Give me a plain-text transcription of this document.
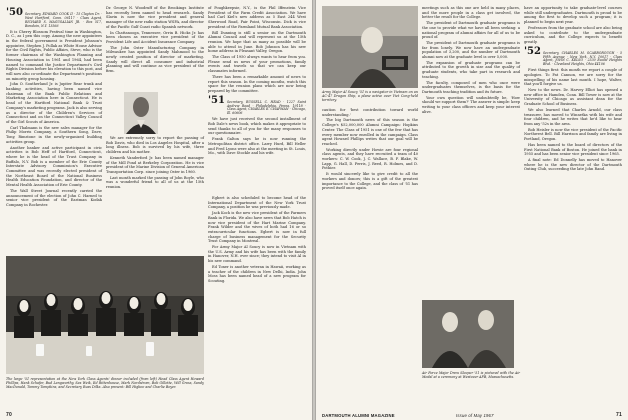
'50 Secretary, EDWARD COOK II · 15 Clayton Dr. · West Hartford, Conn. 06117 · Class Agent, RICHARD S. MAGUSALIAN JR. · Box 517, Bowdoin, N.Y. 13566

It is Cherry Blossom Festival time in Washington, D. C., as I pen this copy. Among the new appointees in the federal government is President Johnson's appointee, Stephen J. Pollak as White House Advisor for the Civil Rights, Public Affairs, Steve, who is the former chairman of the Washington Planning and Housing Association in 1961 and 1964, had been named to command the Justice Department's Civil Rights Division before his elevation to this post, and will now also co-ordinate the Department's positions on minority group housing.

John O. Southerland Jr. is Jupiter Rear trunk and banking activities, having been named vice chairman of the Bank Public Relations and Marketing Association here in Connecticut. He is head of the Hartford National Bank & Trust Company's marketing programs. Jack is also serving as a director of the Children's Services of Connecticut and on the Connecticut Valley Council of the Girl Scouts of America.

Carl Thalmann is the new sales manager for the Philip Morris Company, a Southern Song, Dave, Tony, Rimstone in the newly-organized building activities group.

Another banker and active participant in civic activities is Bob Heff of Hartford, Connecticut, where he is the head of the Trust Company in Buffalo, N.Y. Bob is a member of the Erie County Interstate Advisory Commission's Executive Committee and was recently elected president of the Northeast Board of the National Business Health Education Foundation, and director of the Mental Health Association of Erie County.

The Wall Street Journal recently carried the announcement of the election of John C. Harned to senior vice president of the Eastman Kodak Company in Rochester.

Dr. George N. Woodruff of the Brookings Institute has recently been named to head research. Sandy Slavin is now the vice president and general manager of the new radio station WSPA, and director of the Pacific Gulf Coast radio Spanish network.

In Chattanooga, Tennessee, Orrin B. Hicks Jr. has been chosen as executive vice president of the Provident Life and Accident Insurance Company.

The John Oster Manufacturing Company in Milwaukee has appointed Sandy Mahmood to the newly created position of director of marketing. Sandy will direct all consumer and industrial planning and will continue as vice president of the firm.

We are extremely sorry to report the passing of Bob Davis, who died in Los Angeles Hospital, after a long illness. Bob is survived by his wife, three children and his mother.

Kenneth Vanderford Jr. has been named manager of the Mill Pond at Berkeley Corporation. He is vice president of the Marine Division of General American Transportation Corp. since joining Oster in 1960.

Last month marked the passing of John Boyle, who was a wonderful friend to all of us at the 15th reunion.

of Poughkeepsie, N.Y., is the Phil Iffenstein Vice President of the Farm Credit Association. We have had Carl Kiel's new address as 5 East 244 West Sherwood Road, Fair Point, Wisconsin. Dick is vice president of the Farmland Mutual Bank Association.

Bill Dunning is still a senior on the Dartmouth Alumni Council and will represent us at the 15th reunion. We hope that as many as possible will be able to attend in June. Bob Johnson has his new home address in Pleasant Valley, Oregon.

The Class of 1950 always wants to hear from you. Please send us news of your promotions, family events and travels so that we can keep our classmates informed.

There has been a remarkable amount of news to report this season. In the coming months, watch this space for the reunion plans which are now being prepared by the committee.

'51 Secretary, RUSSELL C. HEAD · 1227 Saint Andrew Road · Philadelphia, Penna. 19118 · Class Agent, CHARLES E. CHAPMAN · Chicago, Ill. 60606

We have just received the second installment of Bob Dale's news book, which makes it appropriate to send thanks to all of you for the many responses to our questionnaire.

Frank Galton says he is now running the Metropolitan district office. Larry Hurd, Bill Heller and Fred Lyons were also at the meeting in St. Louis, Mo., with Dave Stockle and his wife.

Egbert is also scheduled to become head of the International Department of the New York Trust Company, a position he was previously made.

Jack Koch is the new vice president of the Farmers Bank in Florida. We also have news that Bob Hatch is now vice president of the Hart Marine Company. Frank Wilder and the wives of both had 16 or so extracurricular functions. Egbert is now in full charge of business management for the Security Trust Company in Montreal.

For Army Major Al Soucy is now in Vietnam with the U.S. Army and his wife has been with the family in Hanover, N.H. ever since; they intend to visit Al in his new command.

Ed Toner is another veteran in Hawaii, working as a teacher of the children in New Delhi, India. John Moss has been named head of a new program for Scouting.

The large '51 representation at the New York Class Agents' dinner included (from left) Head Class Agent Howard Phillips, Hank Schafer, Bud Langworthy, Sax Weik, Ed Rittenhouse, Mark Nordstrom, Bob Gillette, Will Gross, Sandy MacDonald, Tommy Tompkins, and Secretary Russ Dilks. Also present: Bill Higbee and Charlie Beyer.
70
Army Major Al Soucy '51 is a navigator in Vietnam on an AC-47 Dragon Ship, a plane active over Viet Cong-held territory.

caution for 'best contribution toward world understanding.'

The big Dartmouth news of this season is the College's $52,000,000 Alumni Campaign: Hopkins Center. The Class of 1951 is one of the few that has every member now enrolled in the campaign. Class agent Howard Phillips writes that our goal will be reached.

Working directly under Howie are four regional class agents, and they have recruited a team of 40 workers: C. W. Cook, J. C. Wallace, B. F. Blake, W. Lapp, G. Hall, D. Ferris, J. Reed, R. Holmes, and D. Pothier.

It would sincerely like to give credit to all the workers and donors; this is a gift of the greatest importance to the College, and the class of '51 has proved itself once again.

meetings such as this one are held in many places, and the more people in a class get involved, the better the result for the College.

The president of Dartmouth graduate programs is the one to provide what we have all been seeking: a national program of alumni affairs for all of us to be proud of.

The president of Dartmouth graduate programs is far from lonely. We now have an undergraduate population of 3,200, and the number of Dartmouth alumni now at the graduate level is over 5,000.

The expansion of graduate programs can be attributed to the growth in size and the quality of graduate students, who take part in research and teaching.

The faculty, composed of men who once were undergraduates themselves, is the basis for the Dartmouth teaching tradition and its future.

Your own question will undoubtedly be, 'How should we support them?' The answer is simple: keep writing to your class officers and keep your interest alive.

Air Force Major Drew Sleeper '51 is pictured with the Air Medal at a ceremony at Westover AFB, Massachusetts.

have an opportunity to take graduate-level courses while still undergraduates. Dartmouth is proud to be among the first to develop such a program; it is planned to begin next year.

Professors from the graduate school are also being asked to contribute to the undergraduate curriculum, and the College expects to benefit greatly.

'52 Secretary, CHARLES M. SCARBOROUGH · 5 Fifth Avenue · New York, N.Y. 10017 · Class Agent, JOHN C. KELSO · 2330 Euclid Heights Blvd. · Cleveland Heights, Ohio 44106

First things first: this month we report a couple of apologies. To Pat Cannon, we are sorry for the misspelling of his name last month. I hope, Walter, that you'll forgive us.

Now to the news. Dr. Harvey Elliot has opened a new office in Hamden, Conn. Bill Tower is now at the University of Chicago as assistant dean for the Graduate School of Business.

We also learned that Charles Arnold, our class treasurer, has moved to Winnetka with his wife and four children, and he writes that he'd like to hear from any '52s in the area.

Bob Heisler is now the vice president of the Pacific Northwest Bell. Bill Harrison and family are living in Portland, Oregon.

Has been named to the board of directors of the First National Bank of Boston. He joined the bank in 1955 and has been senior vice president since 1965.

A final note: Ed Donnelly has moved to Hanover where he is the new director of the Dartmouth Outing Club, succeeding the late John Rand.

DARTMOUTH ALUMNI MAGAZINE	Issue of May 1967	71
